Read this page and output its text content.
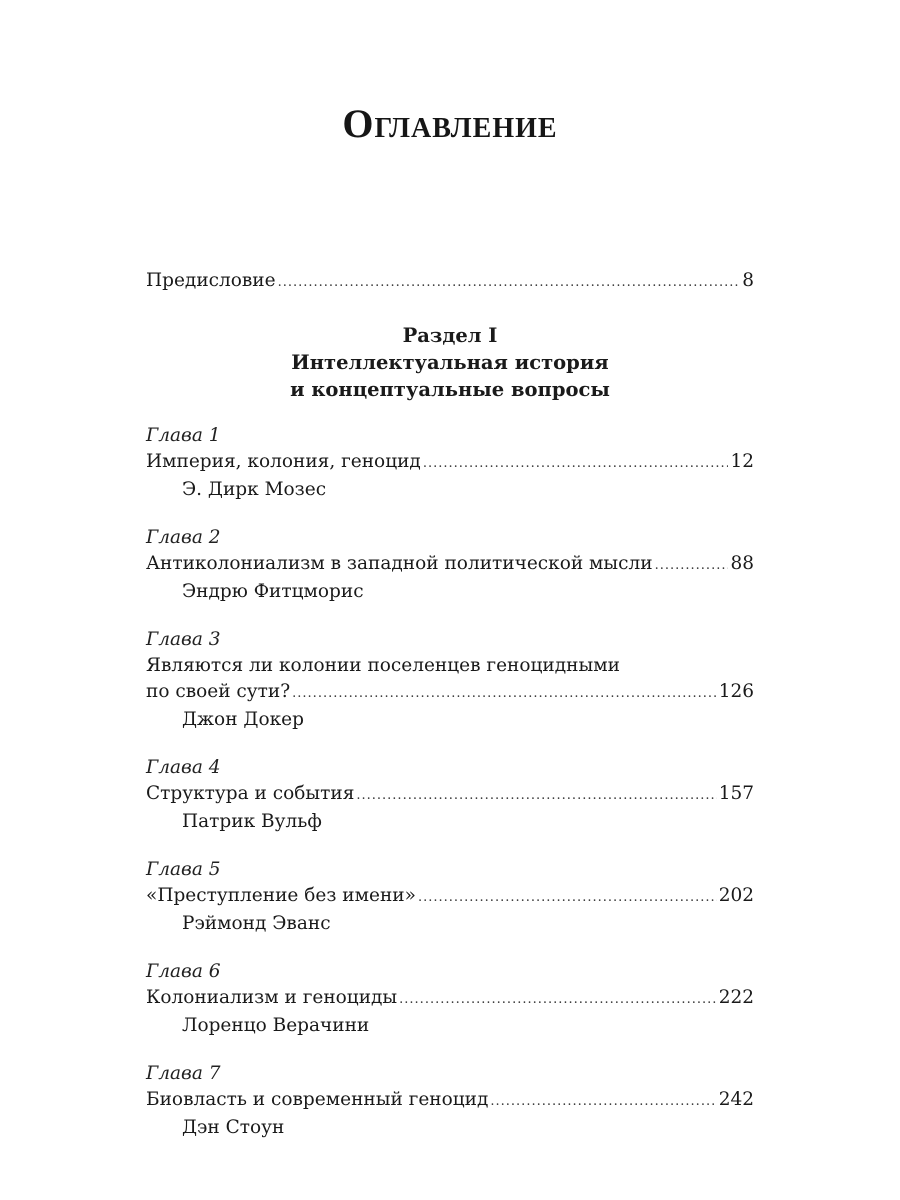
Оглавление
Предисловие .....	8
Раздел I
Интеллектуальная история
и концептуальные вопросы
Глава 1
Империя, колония, геноцид .....	12
Э. Дирк Мозес
Глава 2
Антиколониализм в западной политической мысли .....	88
Эндрю Фитцморис
Глава 3
Являются ли колонии поселенцев геноцидными
по своей сути? .....	126
Джон Докер
Глава 4
Структура и события .....	157
Патрик Вульф
Глава 5
«Преступление без имени» .....	202
Рэймонд Эванс
Глава 6
Колониализм и геноциды .....	222
Лоренцо Верачини
Глава 7
Биовласть и современный геноцид .....	242
Дэн Стоун
